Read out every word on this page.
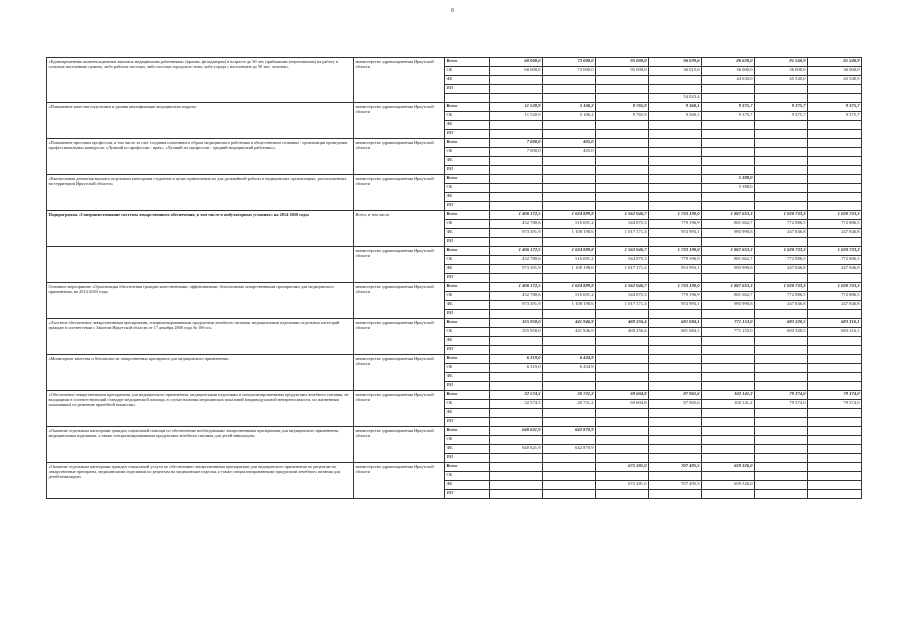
8
«Единовременные компенсационные выплаты медицинским работникам» (врачам, фельдшерам) в возрасте до 50 лет, прибывшим (переехавшим) на работу в сельские населенные пункты, либо рабочие поселки, либо поселки городского типа, либо города с населением до 50 тыс. человек»	министерство здравоохранения Иркутской области	Всего	68 000,0	73 000,0	95 000,0	96 039,6	80 630,0	81 540,9	81 540,9
		ОБ	68 000,0	73 000,0	95 000,0	36 015,6	36 000,0	36 000,0	36 000,0
		ФБ					44 630,0	45 540,0	45 540,9
		ИИ							
						54 023,4			
«Повышение качества подготовки и уровня квалификации медицинских кадров»	министерство здравоохранения Иркутской области	Всего	11 520,9	5 106,2	9 765,9	9 360,1	9 375,7	9 375,7	9 375,7
		ОБ	11 520,9	5 106,2	9 765,9	9 360,1	9 375,7	9 375,7	9 375,7
		ФБ							
		ИИ							
«Повышение престижа профессии, в том числе за счет создания позитивного образа медицинского работника в общественном сознании - организация проведения профессиональных конкурсов: «Лучший по профессии - врач», «Лучший по профессии - средний медицинский работник»»	министерство здравоохранения Иркутской области	Всего	7 000,0	405,0					
		ОБ	7 000,0	405,0					
		ФБ							
		ИИ							
«Ежемесячная денежная выплата отдельным категориям студентов в целях привлечения их для дальнейшей работы в медицинских организациях, расположенных на территории Иркутской области»	министерство здравоохранения Иркутской области	Всего					5 388,0		
		ОБ					5 388,0		
		ФБ							
		ИИ							
Подпрограмма «Совершенствование системы лекарственного обеспечения, в том числе в амбулаторных условиях» на 2014-2020 годы	Всего, в том числе	Всего	1 406 172,5	1 624 889,8	1 562 046,7	1 733 190,0	1 867 653,3	1 020 733,3	1 020 733,3
		ОБ	432 780,6	516 691,2	544 875,3	779 196,9	881 662,7	772 886,5	772 886,5
		ФБ	973 391,9	1 108 198,6	1 017 171,4	953 993,1	985 990,6	247 846,8	247 846,8
		ИИ							
	министерство здравоохранения Иркутской области	Всего	1 406 172,5	1 624 889,8	1 562 046,7	1 733 190,0	1 867 653,3	1 020 733,3	1 020 733,3
		ОБ	432 780,6	516 691,2	544 875,3	779 196,9	881 662,7	772 886,5	772 886,5
		ФБ	973 391,9	1 108 198,6	1 017 171,4	953 993,1	985 990,6	247 846,8	247 846,8
		ИИ							
Основное мероприятие «Организация обеспечения граждан качественными, эффективными, безопасными лекарственными препаратами для медицинского применения» на 2014-2020 годы	министерство здравоохранения Иркутской области	Всего	1 406 172,5	1 624 889,8	1 562 046,7	1 733 190,0	1 867 653,3	1 020 733,3	1 020 733,3
		ОБ	432 780,6	516 691,2	544 875,3	779 196,9	881 662,7	772 886,5	772 886,5
		ФБ	973 391,9	1 108 198,6	1 017 171,4	953 993,1	985 990,6	247 846,8	247 846,8
		ИИ							
«Льготное обеспечение лекарственными препаратами, специализированными продуктами лечебного питания, медицинскими изделиями отдельных категорий граждан в соответствии с Законом Иркутской области от 17 декабря 2008 года № 106-оз»	министерство здравоохранения Иркутской области	Всего	355 958,0	441 946,9	469 256,4	681 084,1	771 153,0	683 320,5	683 316,1
		ОБ	355 958,0	441 946,9	469 256,4	681 084,1	771 153,0	683 320,5	683 316,1
		ФБ							
		ИИ							
«Мониторинг качества и безопасности лекарственных препаратов для медицинского применения»	министерство здравоохранения Иркутской области	Всего	6 319,0	6 434,9					
		ОБ	6 319,0	6 434,9					
		ФБ							
		ИИ							
«Обеспечение лекарственными препаратами для медицинского применения, медицинскими изделиями и специализированными продуктами лечебного питания, не входящими в соответствующий стандарт медицинской помощи, в случае наличия медицинских показаний (индивидуальной непереносимости, по жизненным показаниям) по решению врачебной комиссии»	министерство здравоохранения Иркутской области	Всего	32 574,5	20 731,2	69 604,8	87 965,6	102 141,2	79 374,0	79 374,0
		ОБ	32 574,5	20 731,2	69 604,8	87 965,6	102 141,2	79 374,0	79 374,0
		ФБ							
		ИИ							
«Оказание отдельным категориям граждан социальной помощи по обеспечению необходимыми лекарственными препаратами для медицинского применения, медицинскими изделиями, а также специализированными продуктами лечебного питания для детей-инвалидов»	министерство здравоохранения Иркутской области	Всего	640 621,9	642 870,9					
		ОБ							
		ФБ	640 621,9	642 870,9					
		ИИ							
«Оказание отдельным категориям граждан социальной услуги по обеспечению лекарственными препаратами для медицинского применения по рецептам на лекарственные препараты, медицинскими изделиями по рецептам на медицинские изделия, а также специализированными продуктами лечебного питания для детей-инвалидов»	министерство здравоохранения Иркутской области	Всего			675 281,0	707 495,5	659 326,0		
		ОБ							
		ФБ			675 281,0	707 495,5	659 326,0		
		ИИ							
